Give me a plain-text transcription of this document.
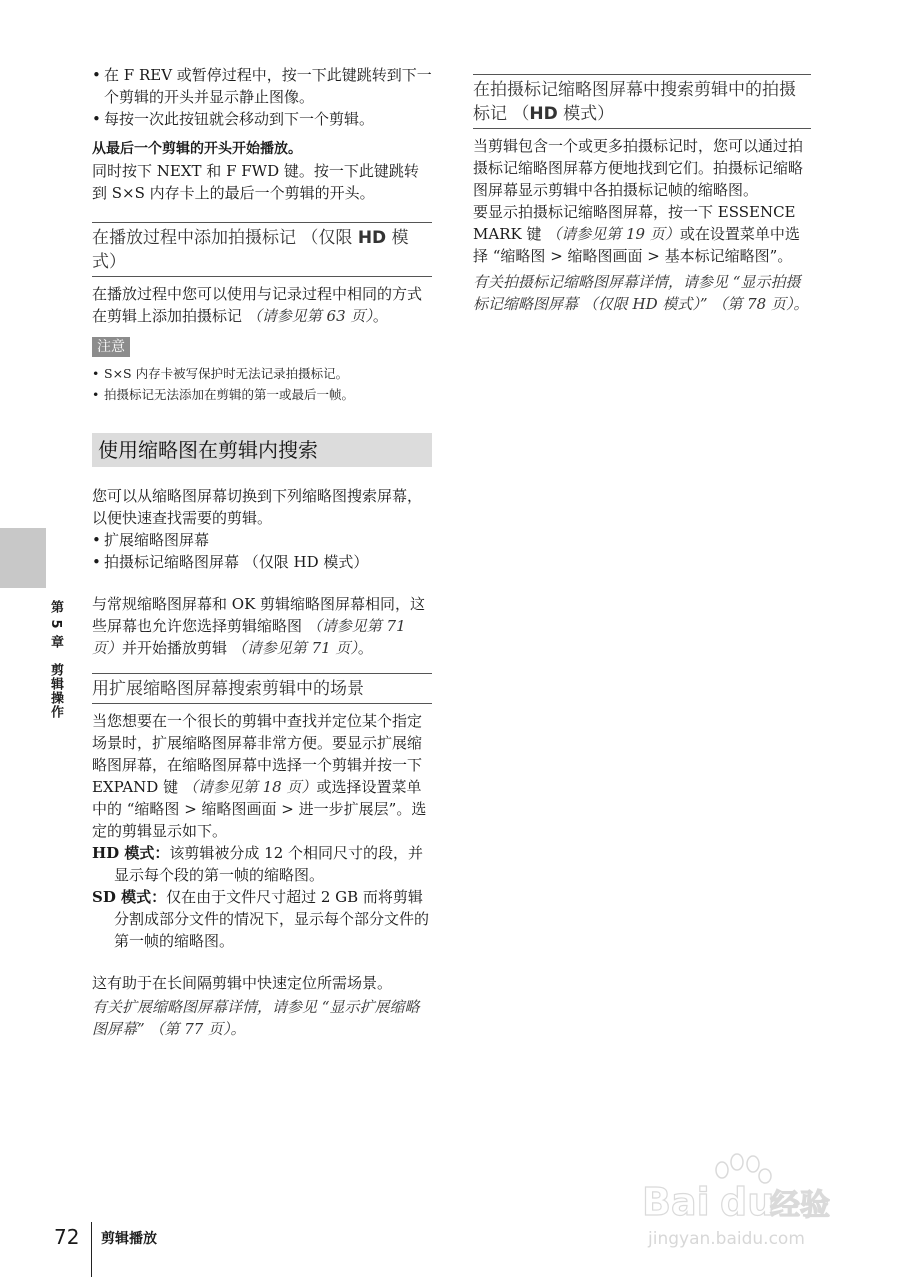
• 在 F REV 或暂停过程中，按一下此键跳转到下一个剪辑的开头并显示静止图像。
• 每按一次此按钮就会移动到下一个剪辑。
从最后一个剪辑的开头开始播放。

同时按下 NEXT 和 F FWD 键。按一下此键跳转到 S×S 内存卡上的最后一个剪辑的开头。

在播放过程中添加拍摄标记 （仅限 HD 模式）

在播放过程中您可以使用与记录过程中相同的方式在剪辑上添加拍摄标记 （请参见第 63 页）。

注意
• S×S 内存卡被写保护时无法记录拍摄标记。
• 拍摄标记无法添加在剪辑的第一或最后一帧。
使用缩略图在剪辑内搜索

您可以从缩略图屏幕切换到下列缩略图搜索屏幕，以便快速查找需要的剪辑。

• 扩展缩略图屏幕
• 拍摄标记缩略图屏幕 （仅限 HD 模式）

与常规缩略图屏幕和 OK 剪辑缩略图屏幕相同，这些屏幕也允许您选择剪辑缩略图 （请参见第 71 页）并开始播放剪辑 （请参见第 71 页）。

用扩展缩略图屏幕搜索剪辑中的场景

当您想要在一个很长的剪辑中查找并定位某个指定场景时，扩展缩略图屏幕非常方便。要显示扩展缩略图屏幕，在缩略图屏幕中选择一个剪辑并按一下 EXPAND 键 （请参见第 18 页）或选择设置菜单中的 “缩略图 > 缩略图画面 > 进一步扩展层”。选定的剪辑显示如下。

HD 模式：该剪辑被分成 12 个相同尺寸的段，并显示每个段的第一帧的缩略图。
SD 模式：仅在由于文件尺寸超过 2 GB 而将剪辑分割成部分文件的情况下，显示每个部分文件的第一帧的缩略图。

这有助于在长间隔剪辑中快速定位所需场景。

有关扩展缩略图屏幕详情，请参见 “显示扩展缩略图屏幕” （第 77 页）。

在拍摄标记缩略图屏幕中搜索剪辑中的拍摄标记 （HD 模式）

当剪辑包含一个或更多拍摄标记时，您可以通过拍摄标记缩略图屏幕方便地找到它们。拍摄标记缩略图屏幕显示剪辑中各拍摄标记帧的缩略图。

要显示拍摄标记缩略图屏幕，按一下 ESSENCE MARK 键 （请参见第 19 页）或在设置菜单中选择 “缩略图 > 缩略图画面 > 基本标记缩略图”。

有关拍摄标记缩略图屏幕详情，请参见 “显示拍摄标记缩略图屏幕 （仅限 HD 模式）” （第 78 页）。

第 5 章　剪辑操作
72 剪辑播放
Bai du
经验
jingyan.baidu.com
